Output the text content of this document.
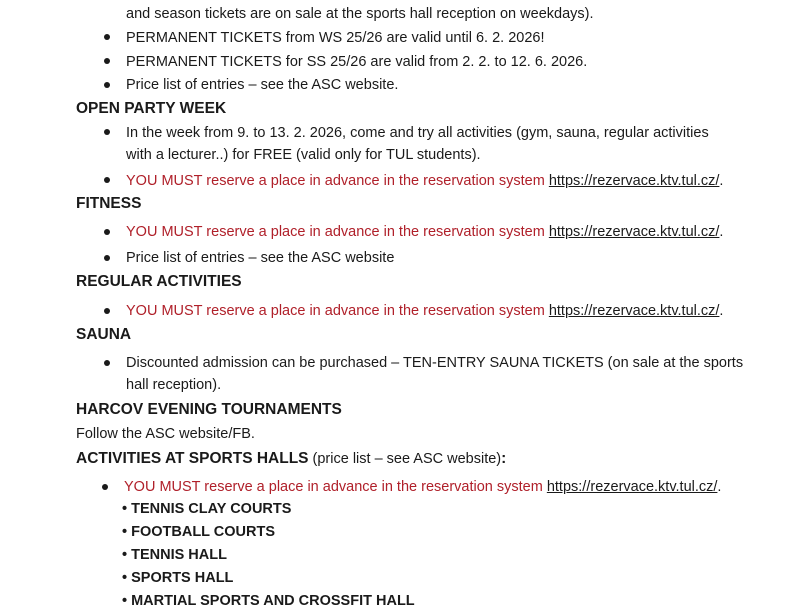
and season tickets are on sale at the sports hall reception on weekdays).
PERMANENT TICKETS from WS 25/26 are valid until 6. 2. 2026!
PERMANENT TICKETS for SS 25/26 are valid from 2. 2. to 12. 6. 2026.
Price list of entries – see the ASC website.
OPEN PARTY WEEK
In the week from 9. to 13. 2. 2026, come and try all activities (gym, sauna, regular activities
with a lecturer..) for FREE (valid only for TUL students).
YOU MUST reserve a place in advance in the reservation system https://rezervace.ktv.tul.cz/.
FITNESS
YOU MUST reserve a place in advance in the reservation system https://rezervace.ktv.tul.cz/.
Price list of entries – see the ASC website
REGULAR ACTIVITIES
YOU MUST reserve a place in advance in the reservation system https://rezervace.ktv.tul.cz/.
SAUNA
Discounted admission can be purchased – TEN-ENTRY SAUNA TICKETS (on sale at the sports
hall reception).
HARCOV EVENING TOURNAMENTS
Follow the ASC website/FB.
ACTIVITIES AT SPORTS HALLS (price list – see ASC website):
YOU MUST reserve a place in advance in the reservation system https://rezervace.ktv.tul.cz/.
• TENNIS CLAY COURTS
• FOOTBALL COURTS
• TENNIS HALL
• SPORTS HALL
• MARTIAL SPORTS AND CROSSFIT HALL
